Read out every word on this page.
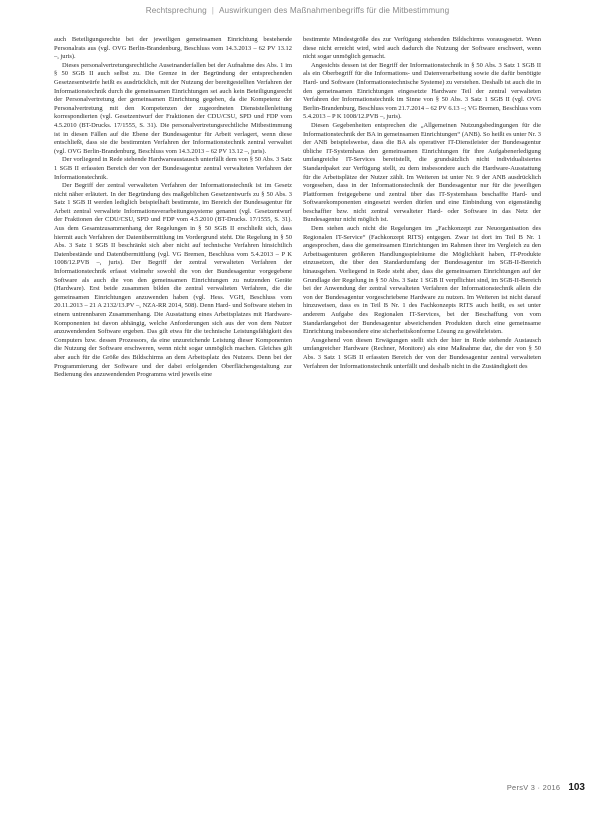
Rechtsprechung | Auswirkungen des Maßnahmenbegriffs für die Mitbestimmung

auch Beteiligungsrechte bei der jeweiligen gemeinsamen Einrichtung bestehende Personalrats aus (vgl. OVG Berlin-Brandenburg, Beschluss vom 14.3.2013 – 62 PV 13.12 –, juris).

Dieses personalvertretungsrechtliche Auseinanderfallen bei der Aufnahme des Abs. 1 im § 50 SGB II auch selbst zu. Die Grenze in der Begründung der entsprechenden Gesetzesentwürfe heißt es ausdrücklich, mit der Nutzung der bereitgestellten Verfahren der Informationstechnik durch die gemeinsamen Einrichtungen sei auch kein Beteiligungsrecht der Personalvertretung der gemeinsamen Einrichtung gegeben, da die Kompetenz der Personalvertretung mit den Kompetenzen der zugeordneten Dienststellenleitung korrespondierten (vgl. Gesetzentwurf der Fraktionen der CDU/CSU, SPD und FDP vom 4.5.2010 (BT-Drucks. 17/1555, S. 31). Die personalvertretungsrechtliche Mitbestimmung ist in diesen Fällen auf die Ebene der Bundesagentur für Arbeit verlagert, wenn diese entschließt, dass sie die bestimmten Verfahren der Informationstechnik zentral verwaltet (vgl. OVG Berlin-Brandenburg, Beschluss vom 14.3.2013 – 62 PV 13.12 –, juris).

Der vorliegend in Rede stehende Hardwareaustausch unterfällt dem von § 50 Abs. 3 Satz 1 SGB II erfassten Bereich der von der Bundesagentur zentral verwalteten Verfahren der Informationstechnik.

Der Begriff der zentral verwalteten Verfahren der Informationstechnik ist im Gesetz nicht näher erläutert. In der Begründung des maßgeblichen Gesetzentwurfs zu § 50 Abs. 3 Satz 1 SGB II werden lediglich beispielhaft bestimmte, im Bereich der Bundesagentur für Arbeit zentral verwaltete Informationsverarbeitungssysteme genannt (vgl. Gesetzentwurf der Fraktionen der CDU/CSU, SPD und FDP vom 4.5.2010 (BT-Drucks. 17/1555, S. 31). Aus dem Gesamtzusammenhang der Regelungen in § 50 SGB II erschließt sich, dass hiermit auch Verfahren der Datenübermittlung im Vordergrund steht. Die Regelung in § 50 Abs. 3 Satz 1 SGB II beschränkt sich aber nicht auf technische Verfahren hinsichtlich Datenbestände und Datenübermittlung (vgl. VG Bremen, Beschluss vom 5.4.2013 – P K 1008/12.PVB –, juris). Der Begriff der zentral verwalteten Verfahren der Informationstechnik erfasst vielmehr sowohl die von der Bundesagentur vorgegebene Software als auch die von den gemeinsamen Einrichtungen zu nutzenden Geräte (Hardware). Erst beide zusammen bilden die zentral verwalteten Verfahren, die die gemeinsamen Einrichtungen anzuwenden haben (vgl. Hess. VGH, Beschluss vom 20.11.2013 – 21 A 2132/13.PV –, NZA-RR 2014, 508). Denn Hard- und Software stehen in einem untrennbaren Zusammenhang. Die Ausstattung eines Arbeitsplatzes mit Hardware-Komponenten ist davon abhängig, welche Anforderungen sich aus der von dem Nutzer anzuwendenden Software ergeben. Das gilt etwa für die technische Leistungsfähigkeit des Computers bzw. dessen Prozessors, da eine unzureichende Leistung dieser Komponenten die Nutzung der Software erschweren, wenn nicht sogar unmöglich machen. Gleiches gilt aber auch für die Größe des Bildschirms an dem Arbeitsplatz des Nutzers. Denn bei der Programmierung der Software und der dabei erfolgenden Oberflächengestaltung zur Bedienung des anzuwendenden Programms wird jeweils eine

bestimmte Mindestgröße des zur Verfügung stehenden Bildschirms vorausgesetzt. Wenn diese nicht erreicht wird, wird auch dadurch die Nutzung der Software erschwert, wenn nicht sogar unmöglich gemacht.

Angesichts dessen ist der Begriff der Informationstechnik in § 50 Abs. 3 Satz 1 SGB II als ein Oberbegriff für die Informations- und Datenverarbeitung sowie die dafür benötigte Hard- und Software (Informationstechnische Systeme) zu verstehen. Deshalb ist auch die in den gemeinsamen Einrichtungen eingesetzte Hardware Teil der zentral verwalteten Verfahren der Informationstechnik im Sinne von § 50 Abs. 3 Satz 1 SGB II (vgl. OVG Berlin-Brandenburg, Beschluss vom 21.7.2014 – 62 PV 6.13 –; VG Bremen, Beschluss vom 5.4.2013 – P K 1008/12.PVB –, juris).

Diesen Gegebenheiten entsprechen die „Allgemeinen Nutzungsbedingungen für die Informationstechnik der BA in gemeinsamen Einrichtungen“ (ANB). So heißt es unter Nr. 3 der ANB beispielsweise, dass die BA als operativer IT-Dienstleister der Bundesagentur übliche IT-Systemhaus den gemeinsamen Einrichtungen für ihre Aufgabenerledigung umfangreiche IT-Services bereitstellt, die grundsätzlich nicht individualisiertes Standardpaket zur Verfügung stellt, zu dem insbesondere auch die Hardware-Ausstattung für die Arbeitsplätze der Nutzer zählt. Im Weiteren ist unter Nr. 9 der ANB ausdrücklich vorgesehen, dass in der Informationstechnik der Bundesagentur nur für die jeweiligen Plattformen freigegebene und zentral über das IT-Systemhaus beschaffte Hard- und Softwarekomponenten eingesetzt werden dürfen und eine Einbindung von eigenständig beschaffter bzw. nicht zentral verwalteter Hard- oder Software in das Netz der Bundesagentur nicht möglich ist.

Dem stehen auch nicht die Regelungen im „Fachkonzept zur Neuorganisation des Regionalen IT-Service“ (Fachkonzept RITS) entgegen. Zwar ist dort im Teil B Nr. 1 angesprochen, dass die gemeinsamen Einrichtungen im Rahmen ihrer im Vergleich zu den Arbeitsagenturen größeren Handlungsspielräume die Möglichkeit haben, IT-Produkte einzusetzen, die über den Standardumfang der Bundesagentur im SGB-II-Bereich hinausgehen. Vorliegend in Rede steht aber, dass die gemeinsamen Einrichtungen auf der Grundlage der Regelung in § 50 Abs. 3 Satz 1 SGB II verpflichtet sind, im SGB-II-Bereich bei der Anwendung der zentral verwalteten Verfahren der Informationstechnik allein die von der Bundesagentur vorgeschriebene Hardware zu nutzen. Im Weiteren ist nicht darauf hinzuweisen, dass es in Teil B Nr. 1 des Fachkonzepts RITS auch heißt, es sei unter anderem Aufgabe des Regionalen IT-Services, bei der Beschaffung von vom Standardangebot der Bundesagentur abweichenden Produkten durch eine gemeinsame Einrichtung insbesondere eine sicherheitskonforme Lösung zu gewährleisten.

Ausgehend von diesen Erwägungen stellt sich der hier in Rede stehende Austausch umfangreicher Hardware (Rechner, Monitore) als eine Maßnahme dar, die der von § 50 Abs. 3 Satz 1 SGB II erfassten Bereich der von der Bundesagentur zentral verwalteten Verfahren der Informationstechnik unterfällt und deshalb nicht in die Zuständigkeit des

PersV 3 · 2016 103
